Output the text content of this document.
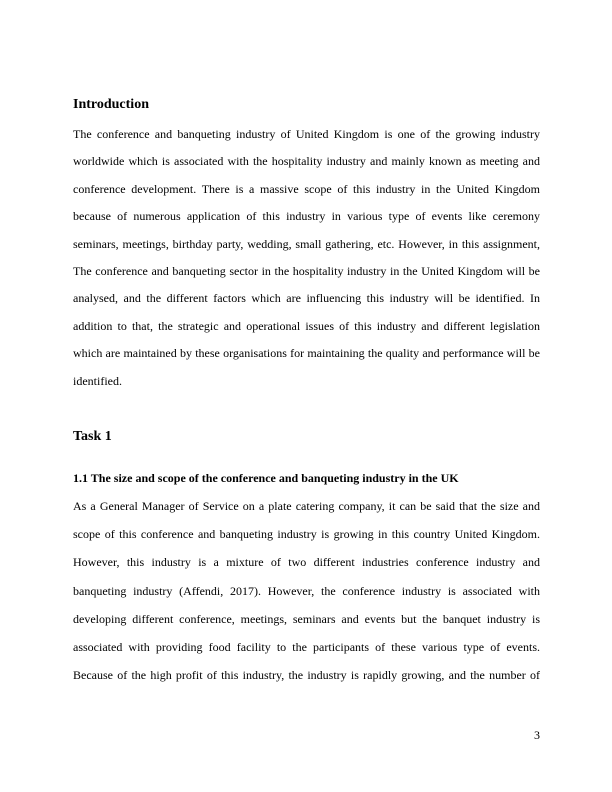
Introduction
The conference and banqueting industry of United Kingdom is one of the growing industry
worldwide which is associated with the hospitality industry and mainly known as meeting and
conference development. There is a massive scope of this industry in the United Kingdom
because of numerous application of this industry in various type of events like ceremony
seminars, meetings, birthday party, wedding, small gathering, etc. However, in this assignment,
The conference and banqueting sector in the hospitality industry in the United Kingdom will be
analysed, and the different factors which are influencing this industry will be identified. In
addition to that, the strategic and operational issues of this industry and different legislation
which are maintained by these organisations for maintaining the quality and performance will be
identified.
Task 1
1.1 The size and scope of the conference and banqueting industry in the UK
As a General Manager of Service on a plate catering company, it can be said that the size and
scope of this conference and banqueting industry is growing in this country United Kingdom.
However, this industry is a mixture of two different industries conference industry and
banqueting industry (Affendi, 2017). However, the conference industry is associated with
developing different conference, meetings, seminars and events but the banquet industry is
associated with providing food facility to the participants of these various type of events.
Because of the high profit of this industry, the industry is rapidly growing, and the number of
3
